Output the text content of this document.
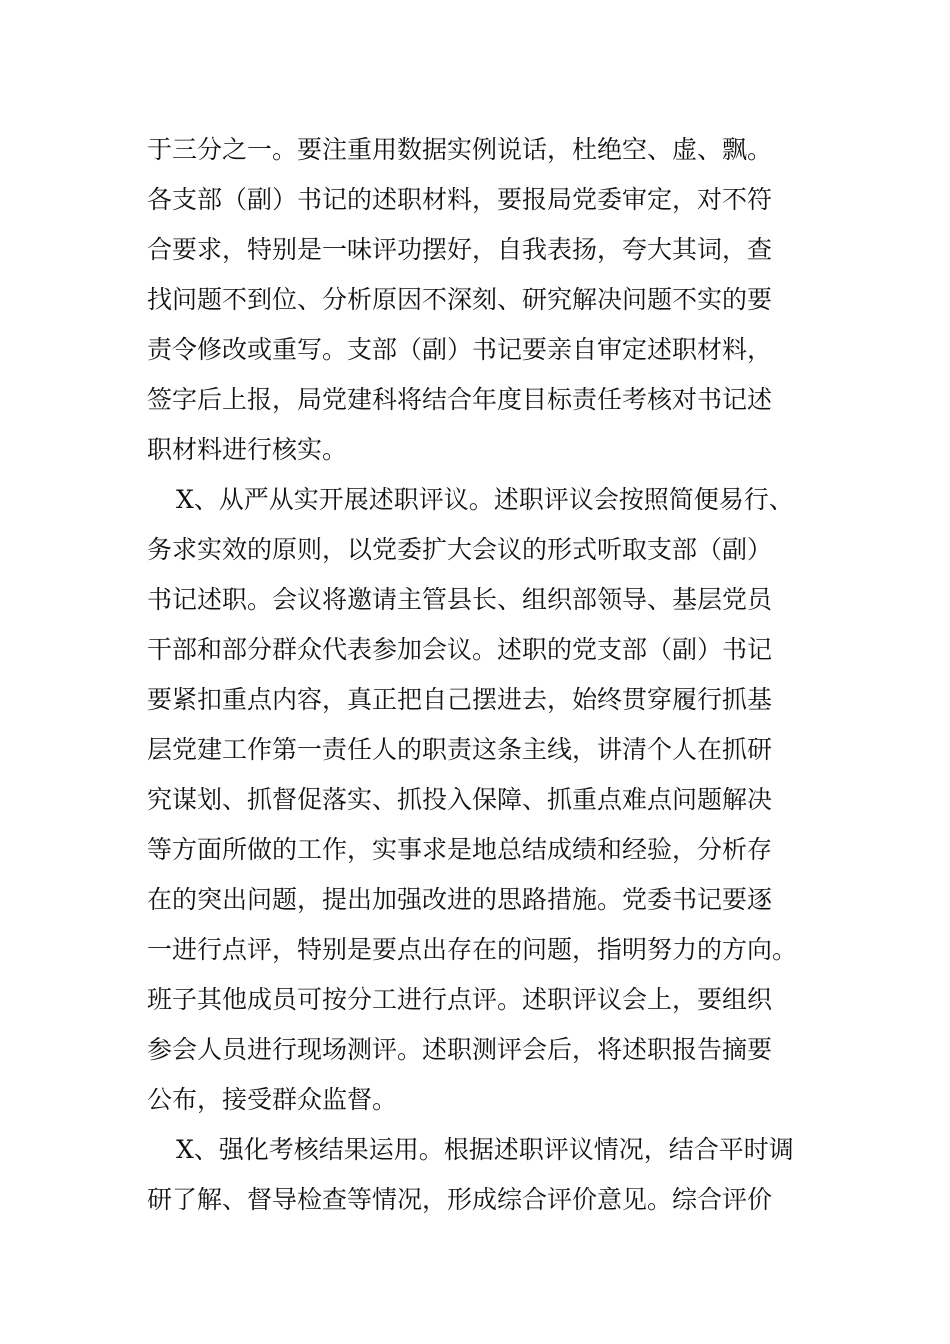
于三分之一。要注重用数据实例说话，杜绝空、虚、飘。
各支部（副）书记的述职材料，要报局党委审定，对不符
合要求，特别是一味评功摆好，自我表扬，夸大其词，查
找问题不到位、分析原因不深刻、研究解决问题不实的要
责令修改或重写。支部（副）书记要亲自审定述职材料，
签字后上报，局党建科将结合年度目标责任考核对书记述
职材料进行核实。
X、从严从实开展述职评议。述职评议会按照简便易行、
务求实效的原则，以党委扩大会议的形式听取支部（副）
书记述职。会议将邀请主管县长、组织部领导、基层党员
干部和部分群众代表参加会议。述职的党支部（副）书记
要紧扣重点内容，真正把自己摆进去，始终贯穿履行抓基
层党建工作第一责任人的职责这条主线，讲清个人在抓研
究谋划、抓督促落实、抓投入保障、抓重点难点问题解决
等方面所做的工作，实事求是地总结成绩和经验，分析存
在的突出问题，提出加强改进的思路措施。党委书记要逐
一进行点评，特别是要点出存在的问题，指明努力的方向。
班子其他成员可按分工进行点评。述职评议会上，要组织
参会人员进行现场测评。述职测评会后，将述职报告摘要
公布，接受群众监督。
X、强化考核结果运用。根据述职评议情况，结合平时调
研了解、督导检查等情况，形成综合评价意见。综合评价
